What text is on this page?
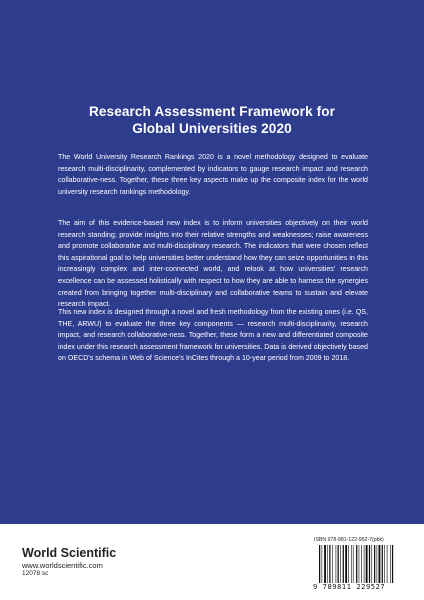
Research Assessment Framework for
Global Universities 2020

The World University Research Rankings 2020 is a novel methodology designed to evaluate research multi-disciplinarity, complemented by indicators to gauge research impact and research collaborative-ness. Together, these three key aspects make up the composite index for the world university research rankings methodology.

The aim of this evidence-based new index is to inform universities objectively on their world research standing; provide insights into their relative strengths and weaknesses; raise awareness and promote collaborative and multi-disciplinary research. The indicators that were chosen reflect this aspirational goal to help universities better understand how they can seize opportunities in this increasingly complex and inter-connected world, and relook at how universities' research excellence can be assessed holistically with respect to how they are able to harness the synergies created from bringing together multi-disciplinary and collaborative teams to sustain and elevate research impact.

This new index is designed through a novel and fresh methodology from the existing ones (i.e. QS, THE, ARWU) to evaluate the three key components — research multi-disciplinarity, research impact, and research collaborative-ness. Together, these form a new and differentiated composite index under this research assessment framework for universities. Data is derived objectively based on OECD's schema in Web of Science's InCites through a 10-year period from 2009 to 2018.

World Scientific
www.worldscientific.com
12078 sc
ISBN 978-981-122-952-7(pbk)
9 789811 229527
